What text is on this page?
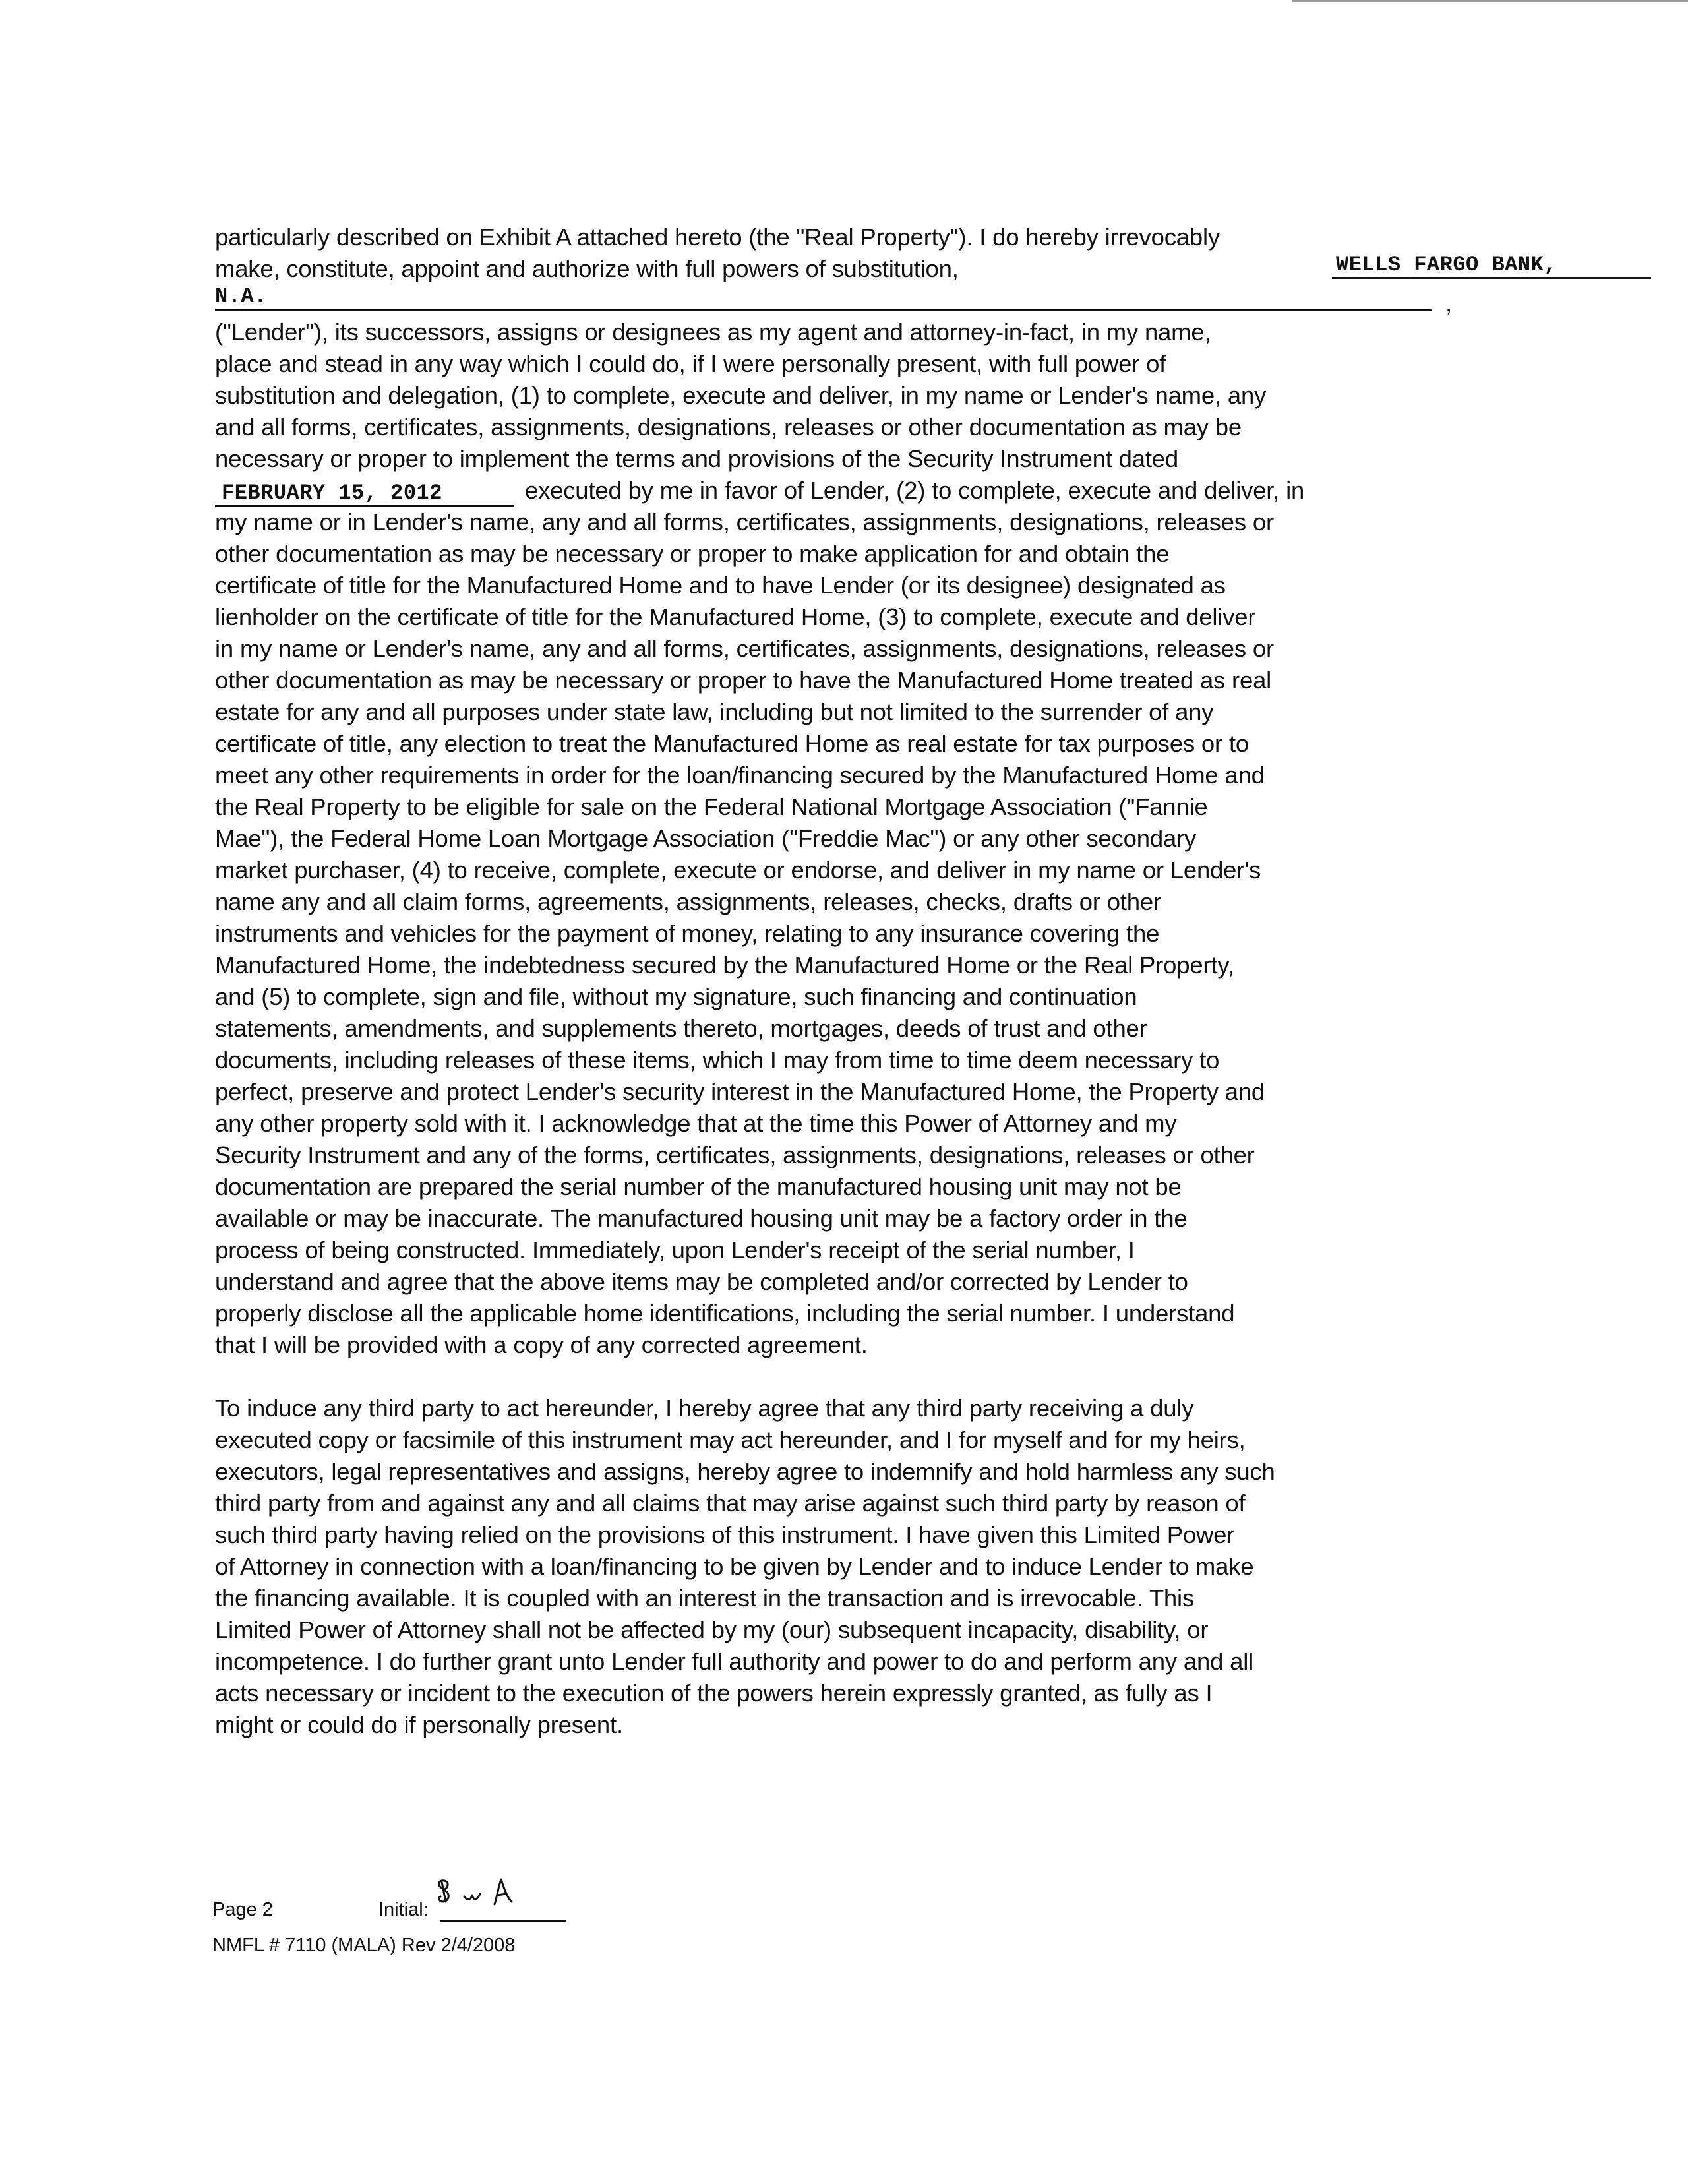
particularly described on Exhibit A attached hereto (the "Real Property"). I do hereby irrevocably
make, constitute, appoint and authorize with full powers of substitution,	WELLS FARGO BANK,
N.A.	,
("Lender"), its successors, assigns or designees as my agent and attorney-in-fact, in my name,
place and stead in any way which I could do, if I were personally present, with full power of
substitution and delegation, (1) to complete, execute and deliver, in my name or Lender's name, any
and all forms, certificates, assignments, designations, releases or other documentation as may be
necessary or proper to implement the terms and provisions of the Security Instrument dated
FEBRUARY 15, 2012	executed by me in favor of Lender, (2) to complete, execute and deliver, in
my name or in Lender's name, any and all forms, certificates, assignments, designations, releases or
other documentation as may be necessary or proper to make application for and obtain the
certificate of title for the Manufactured Home and to have Lender (or its designee) designated as
lienholder on the certificate of title for the Manufactured Home, (3) to complete, execute and deliver
in my name or Lender's name, any and all forms, certificates, assignments, designations, releases or
other documentation as may be necessary or proper to have the Manufactured Home treated as real
estate for any and all purposes under state law, including but not limited to the surrender of any
certificate of title, any election to treat the Manufactured Home as real estate for tax purposes or to
meet any other requirements in order for the loan/financing secured by the Manufactured Home and
the Real Property to be eligible for sale on the Federal National Mortgage Association ("Fannie
Mae"), the Federal Home Loan Mortgage Association ("Freddie Mac") or any other secondary
market purchaser, (4) to receive, complete, execute or endorse, and deliver in my name or Lender's
name any and all claim forms, agreements, assignments, releases, checks, drafts or other
instruments and vehicles for the payment of money, relating to any insurance covering the
Manufactured Home, the indebtedness secured by the Manufactured Home or the Real Property,
and (5) to complete, sign and file, without my signature, such financing and continuation
statements, amendments, and supplements thereto, mortgages, deeds of trust and other
documents, including releases of these items, which I may from time to time deem necessary to
perfect, preserve and protect Lender's security interest in the Manufactured Home, the Property and
any other property sold with it. I acknowledge that at the time this Power of Attorney and my
Security Instrument and any of the forms, certificates, assignments, designations, releases or other
documentation are prepared the serial number of the manufactured housing unit may not be
available or may be inaccurate. The manufactured housing unit may be a factory order in the
process of being constructed. Immediately, upon Lender's receipt of the serial number, I
understand and agree that the above items may be completed and/or corrected by Lender to
properly disclose all the applicable home identifications, including the serial number. I understand
that I will be provided with a copy of any corrected agreement.
To induce any third party to act hereunder, I hereby agree that any third party receiving a duly
executed copy or facsimile of this instrument may act hereunder, and I for myself and for my heirs,
executors, legal representatives and assigns, hereby agree to indemnify and hold harmless any such
third party from and against any and all claims that may arise against such third party by reason of
such third party having relied on the provisions of this instrument. I have given this Limited Power
of Attorney in connection with a loan/financing to be given by Lender and to induce Lender to make
the financing available. It is coupled with an interest in the transaction and is irrevocable. This
Limited Power of Attorney shall not be affected by my (our) subsequent incapacity, disability, or
incompetence. I do further grant unto Lender full authority and power to do and perform any and all
acts necessary or incident to the execution of the powers herein expressly granted, as fully as I
might or could do if personally present.
Page 2	Initial:
NMFL # 7110 (MALA) Rev 2/4/2008
